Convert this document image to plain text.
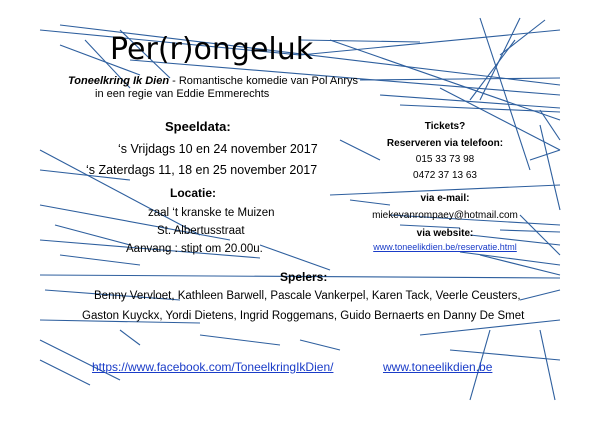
Per(r)ongeluk
Toneelkring Ik Dien - Romantische komedie van Pol Anrys
in een regie van Eddie Emmerechts
Speeldata:
‘s Vrijdags 10 en 24 november 2017
‘s Zaterdags 11, 18 en 25 november 2017
Locatie:
zaal ‘t kranske te Muizen
St. Albertusstraat
Aanvang : stipt om 20.00u.
Tickets?
Reserveren via telefoon:
015 33 73 98
0472 37 13 63
via e-mail:
miekevanrompaey@hotmail.com
via website:
www.toneelikdien.be/reservatie.html
Spelers:
Benny Vervloet, Kathleen Barwell, Pascale Vankerpel, Karen Tack, Veerle Ceusters,
Gaston Kuyckx, Yordi Dietens, Ingrid Roggemans, Guido Bernaerts en Danny De Smet
https://www.facebook.com/ToneelkringIkDien/	www.toneelikdien.be
